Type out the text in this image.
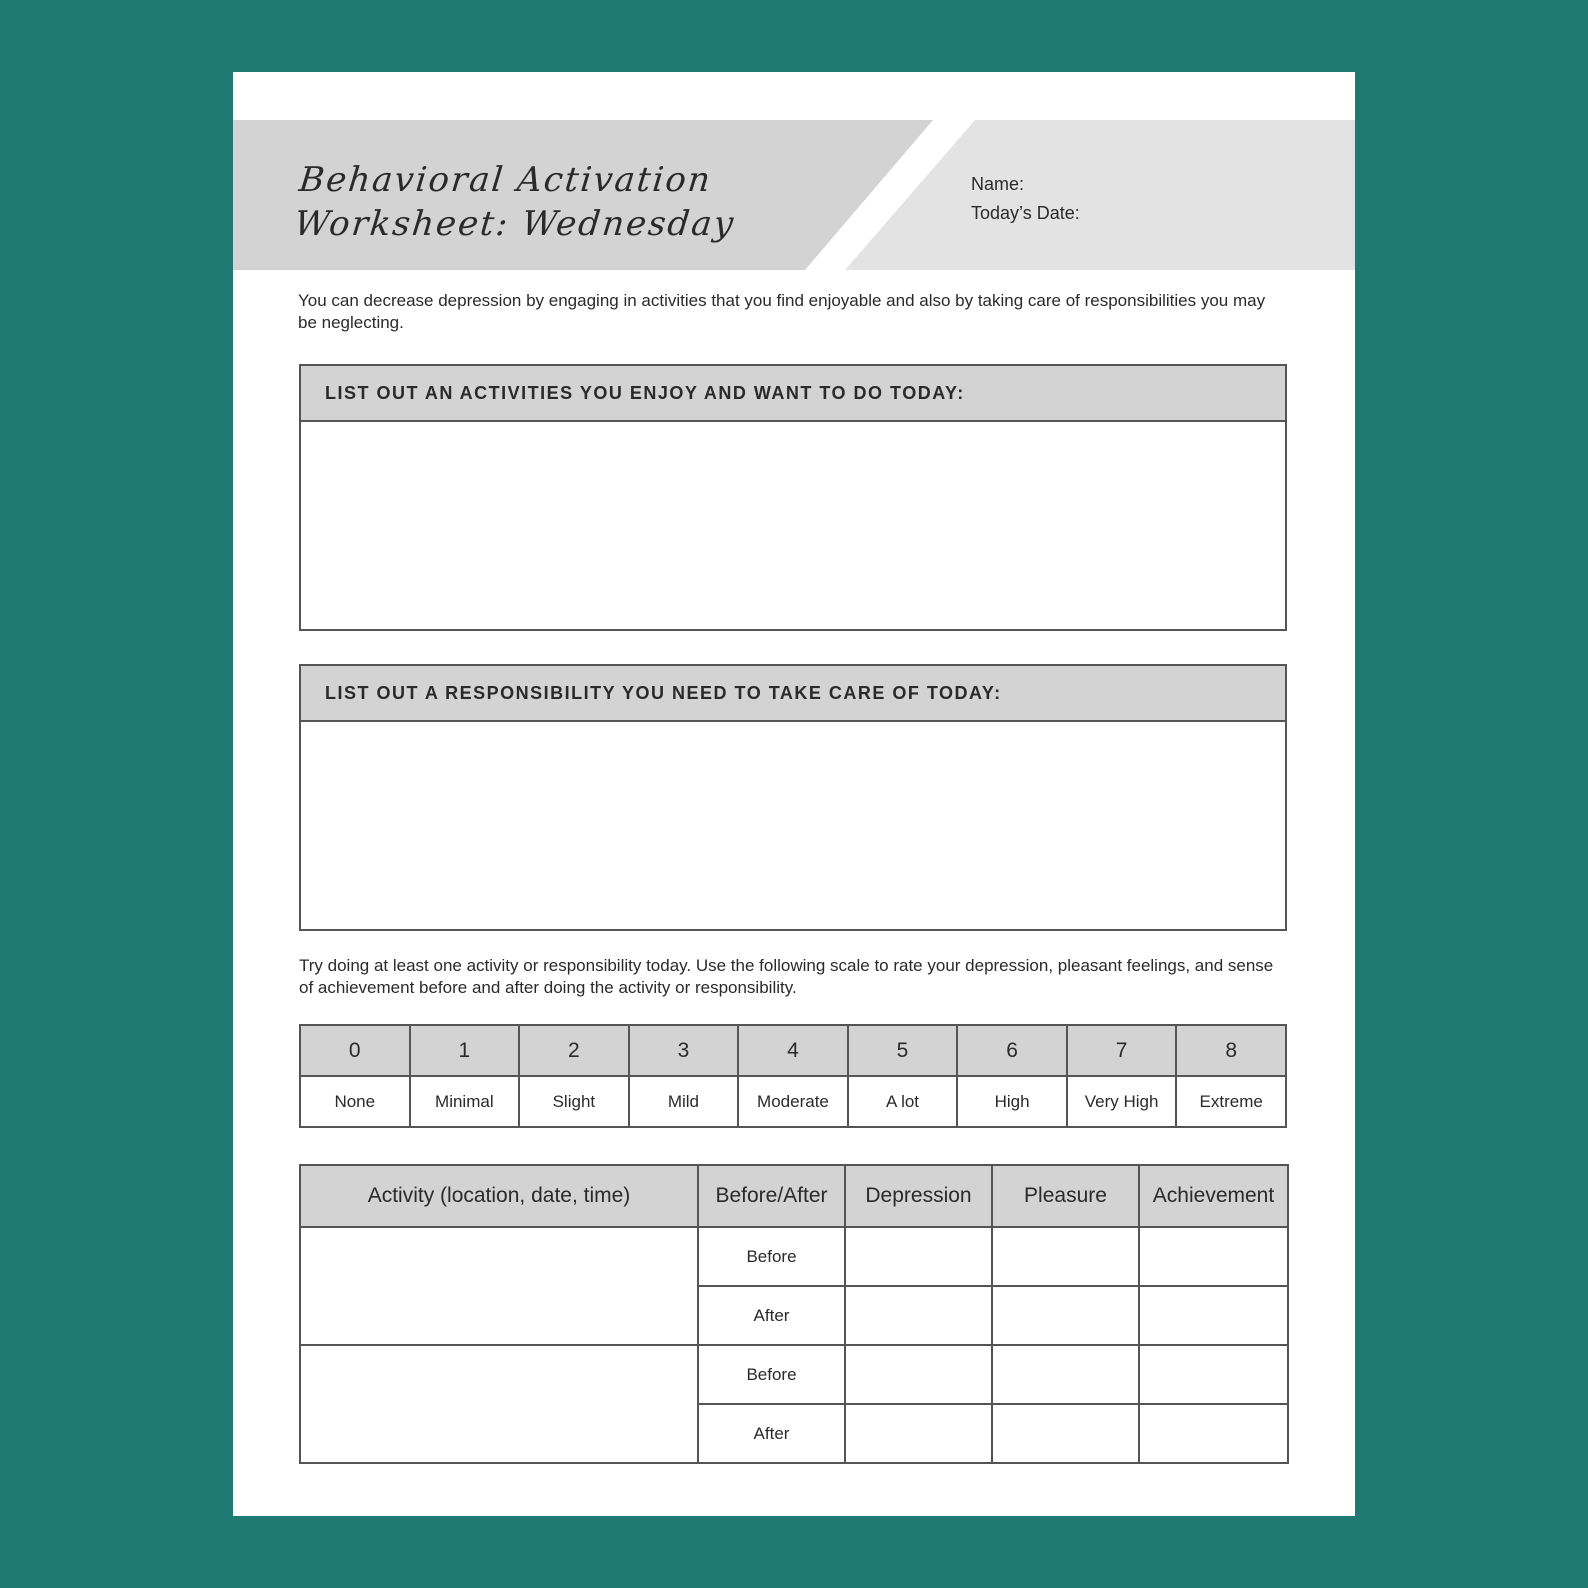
Behavioral Activation
Worksheet: Wednesday
Name:
Today’s Date:
You can decrease depression by engaging in activities that you find enjoyable and also by taking care of responsibilities you may be neglecting.
LIST OUT AN ACTIVITIES YOU ENJOY AND WANT TO DO TODAY:
LIST OUT A RESPONSIBILITY YOU NEED TO TAKE CARE OF TODAY:
Try doing at least one activity or responsibility today. Use the following scale to rate your depression, pleasant feelings, and sense of achievement before and after doing the activity or responsibility.
0	1	2	3	4	5	6	7	8
None	Minimal	Slight	Mild	Moderate	A lot	High	Very High	Extreme
Activity (location, date, time)	Before/After	Depression	Pleasure	Achievement
	Before			
	After			
	Before			
	After			
